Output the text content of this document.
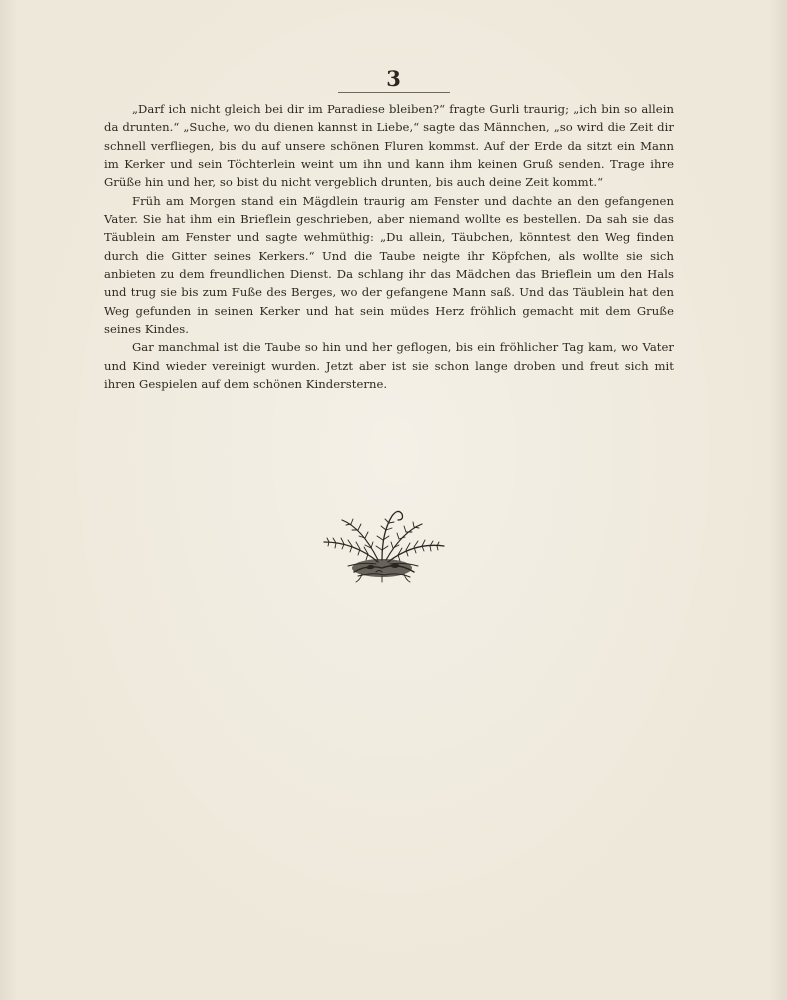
3

„Darf ich nicht gleich bei dir im Paradiese bleiben?“ fragte Gurli traurig; „ich bin so allein da drunten.“ „Suche, wo du dienen kannst in Liebe,“ sagte das Männchen, „so wird die Zeit dir schnell verfliegen, bis du auf unsere schönen Fluren kommst. Auf der Erde da sitzt ein Mann im Kerker und sein Töchterlein weint um ihn und kann ihm keinen Gruß senden. Trage ihre Grüße hin und her, so bist du nicht vergeblich drunten, bis auch deine Zeit kommt.“

Früh am Morgen stand ein Mägdlein traurig am Fenster und dachte an den gefangenen Vater. Sie hat ihm ein Brieflein geschrieben, aber niemand wollte es bestellen. Da sah sie das Täublein am Fenster und sagte wehmüthig: „Du allein, Täubchen, könntest den Weg finden durch die Gitter seines Kerkers.“ Und die Taube neigte ihr Köpfchen, als wollte sie sich anbieten zu dem freundlichen Dienst. Da schlang ihr das Mädchen das Brieflein um den Hals und trug sie bis zum Fuße des Berges, wo der gefangene Mann saß. Und das Täublein hat den Weg gefunden in seinen Kerker und hat sein müdes Herz fröhlich gemacht mit dem Gruße seines Kindes.

Gar manchmal ist die Taube so hin und her geflogen, bis ein fröhlicher Tag kam, wo Vater und Kind wieder vereinigt wurden. Jetzt aber ist sie schon lange droben und freut sich mit ihren Gespielen auf dem schönen Kindersterne.
